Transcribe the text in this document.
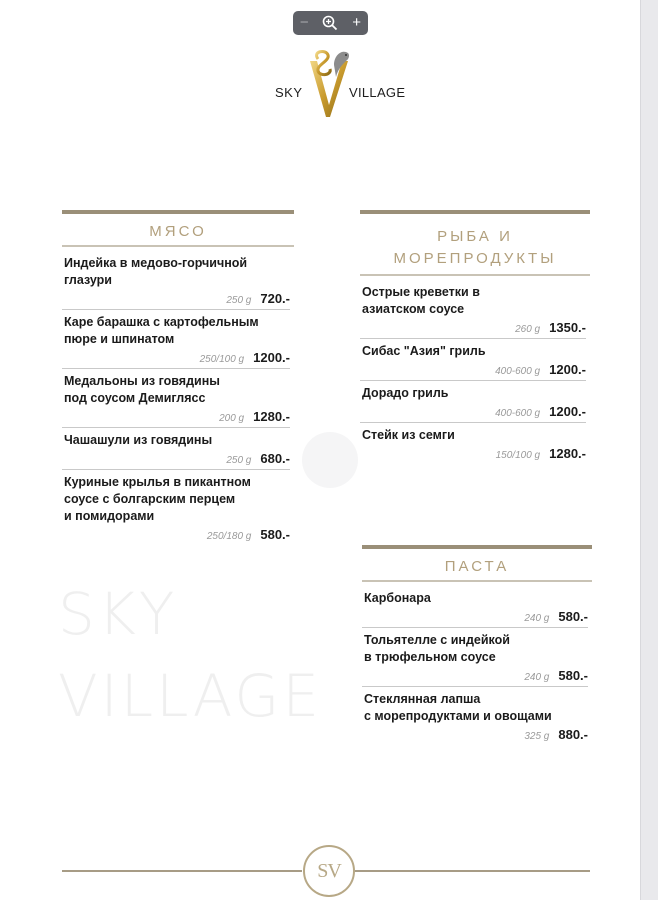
−	+
SKY	VILLAGE
SKY
VILLAGE
МЯСО
Индейка в медово-горчичной
глазури
250 g 720.-
Каре барашка с картофельным
пюре и шпинатом
250/100 g 1200.-
Медальоны из говядины
под соусом Демиглясс
200 g 1280.-
Чашашули из говядины
250 g 680.-
Куриные крылья в пикантном
соусе с болгарским перцем
и помидорами
250/180 g 580.-
РЫБА И
МОРЕПРОДУКТЫ
Острые креветки в
азиатском соусе
260 g 1350.-
Сибас "Азия" гриль
400-600 g 1200.-
Дорадо гриль
400-600 g 1200.-
Стейк из семги
150/100 g 1280.-
ПАСТА
Карбонара
240 g 580.-
Тольятелле с индейкой
в трюфельном соусе
240 g 580.-
Стеклянная лапша
с морепродуктами и овощами
325 g 880.-
SV
